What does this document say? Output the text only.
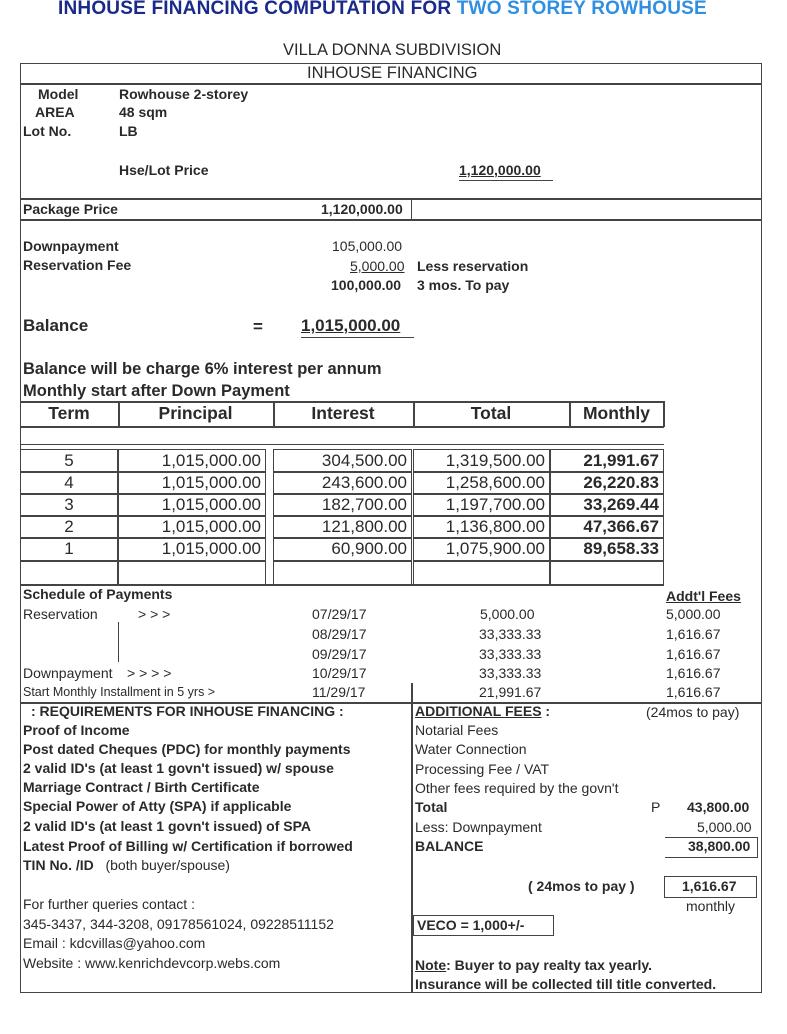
INHOUSE FINANCING COMPUTATION FOR TWO STOREY ROWHOUSE
VILLA DONNA SUBDIVISION
INHOUSE FINANCING
Model	Rowhouse 2-storey
AREA	48 sqm
Lot No.	LB
Hse/Lot Price	1,120,000.00
Package Price	1,120,000.00
Downpayment	105,000.00
Reservation Fee	5,000.00 Less reservation
100,000.00 3 mos. To pay
Balance	= 1,015,000.00
Balance will be charge 6% interest per annum
Monthly start after Down Payment
Term	Principal	Interest	Total	Monthly
5	1,015,000.00	304,500.00	1,319,500.00	21,991.67
4	1,015,000.00	243,600.00	1,258,600.00	26,220.83
3	1,015,000.00	182,700.00	1,197,700.00	33,269.44
2	1,015,000.00	121,800.00	1,136,800.00	47,366.67
1	1,015,000.00	60,900.00	1,075,900.00	89,658.33
Schedule of Payments	Addt'l Fees
Reservation	> > >	07/29/17	5,000.00	5,000.00
08/29/17	33,333.33	1,616.67
09/29/17	33,333.33	1,616.67
Downpayment > > > >	10/29/17	33,333.33	1,616.67
Start Monthly Installment in 5 yrs >	11/29/17	21,991.67	1,616.67
: REQUIREMENTS FOR INHOUSE FINANCING :
Proof of Income
Post dated Cheques (PDC) for monthly payments
2 valid ID's (at least 1 govn't issued) w/ spouse
Marriage Contract / Birth Certificate
Special Power of Atty (SPA) if applicable
2 valid ID's (at least 1 govn't issued) of SPA
Latest Proof of Billing w/ Certification if borrowed
TIN No. /ID (both buyer/spouse)
For further queries contact :
345-3437, 344-3208, 09178561024, 09228511152
Email : kdcvillas@yahoo.com
Website : www.kenrichdevcorp.webs.com
ADDITIONAL FEES :	(24mos to pay)
Notarial Fees
Water Connection
Processing Fee / VAT
Other fees required by the govn't
Total	P 43,800.00
Less: Downpayment	5,000.00
BALANCE	38,800.00
( 24mos to pay )	1,616.67
monthly
VECO = 1,000+/-
Note: Buyer to pay realty tax yearly.
Insurance will be collected till title converted.
